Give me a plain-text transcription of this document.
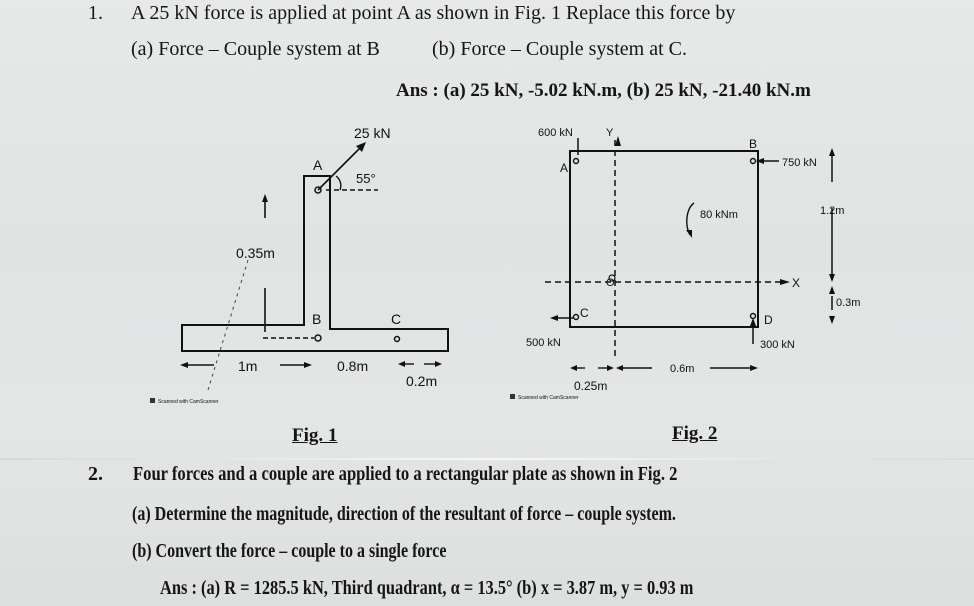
1. A 25 kN force is applied at point A as shown in Fig. 1 Replace this force by
(a) Force – Couple system at B	(b) Force – Couple system at C.
Ans : (a) 25 kN, -5.02 kN.m, (b) 25 kN, -21.40 kN.m
25 kN
A
55°
0.35m
B	C
1m	0.8m
0.2m
Scanned with CamScanner
600 kN	Y
A
B
750 kN
80 kNm	1.2m
X
0.3m
O
C	D
500 kN	300 kN
0.6m
0.25m
Scanned with CamScanner
Fig. 1	Fig. 2
2. Four forces and a couple are applied to a rectangular plate as shown in Fig. 2
(a) Determine the magnitude, direction of the resultant of force – couple system.
(b) Convert the force – couple to a single force
Ans : (a) R = 1285.5 kN, Third quadrant, α = 13.5° (b) x = 3.87 m, y = 0.93 m
